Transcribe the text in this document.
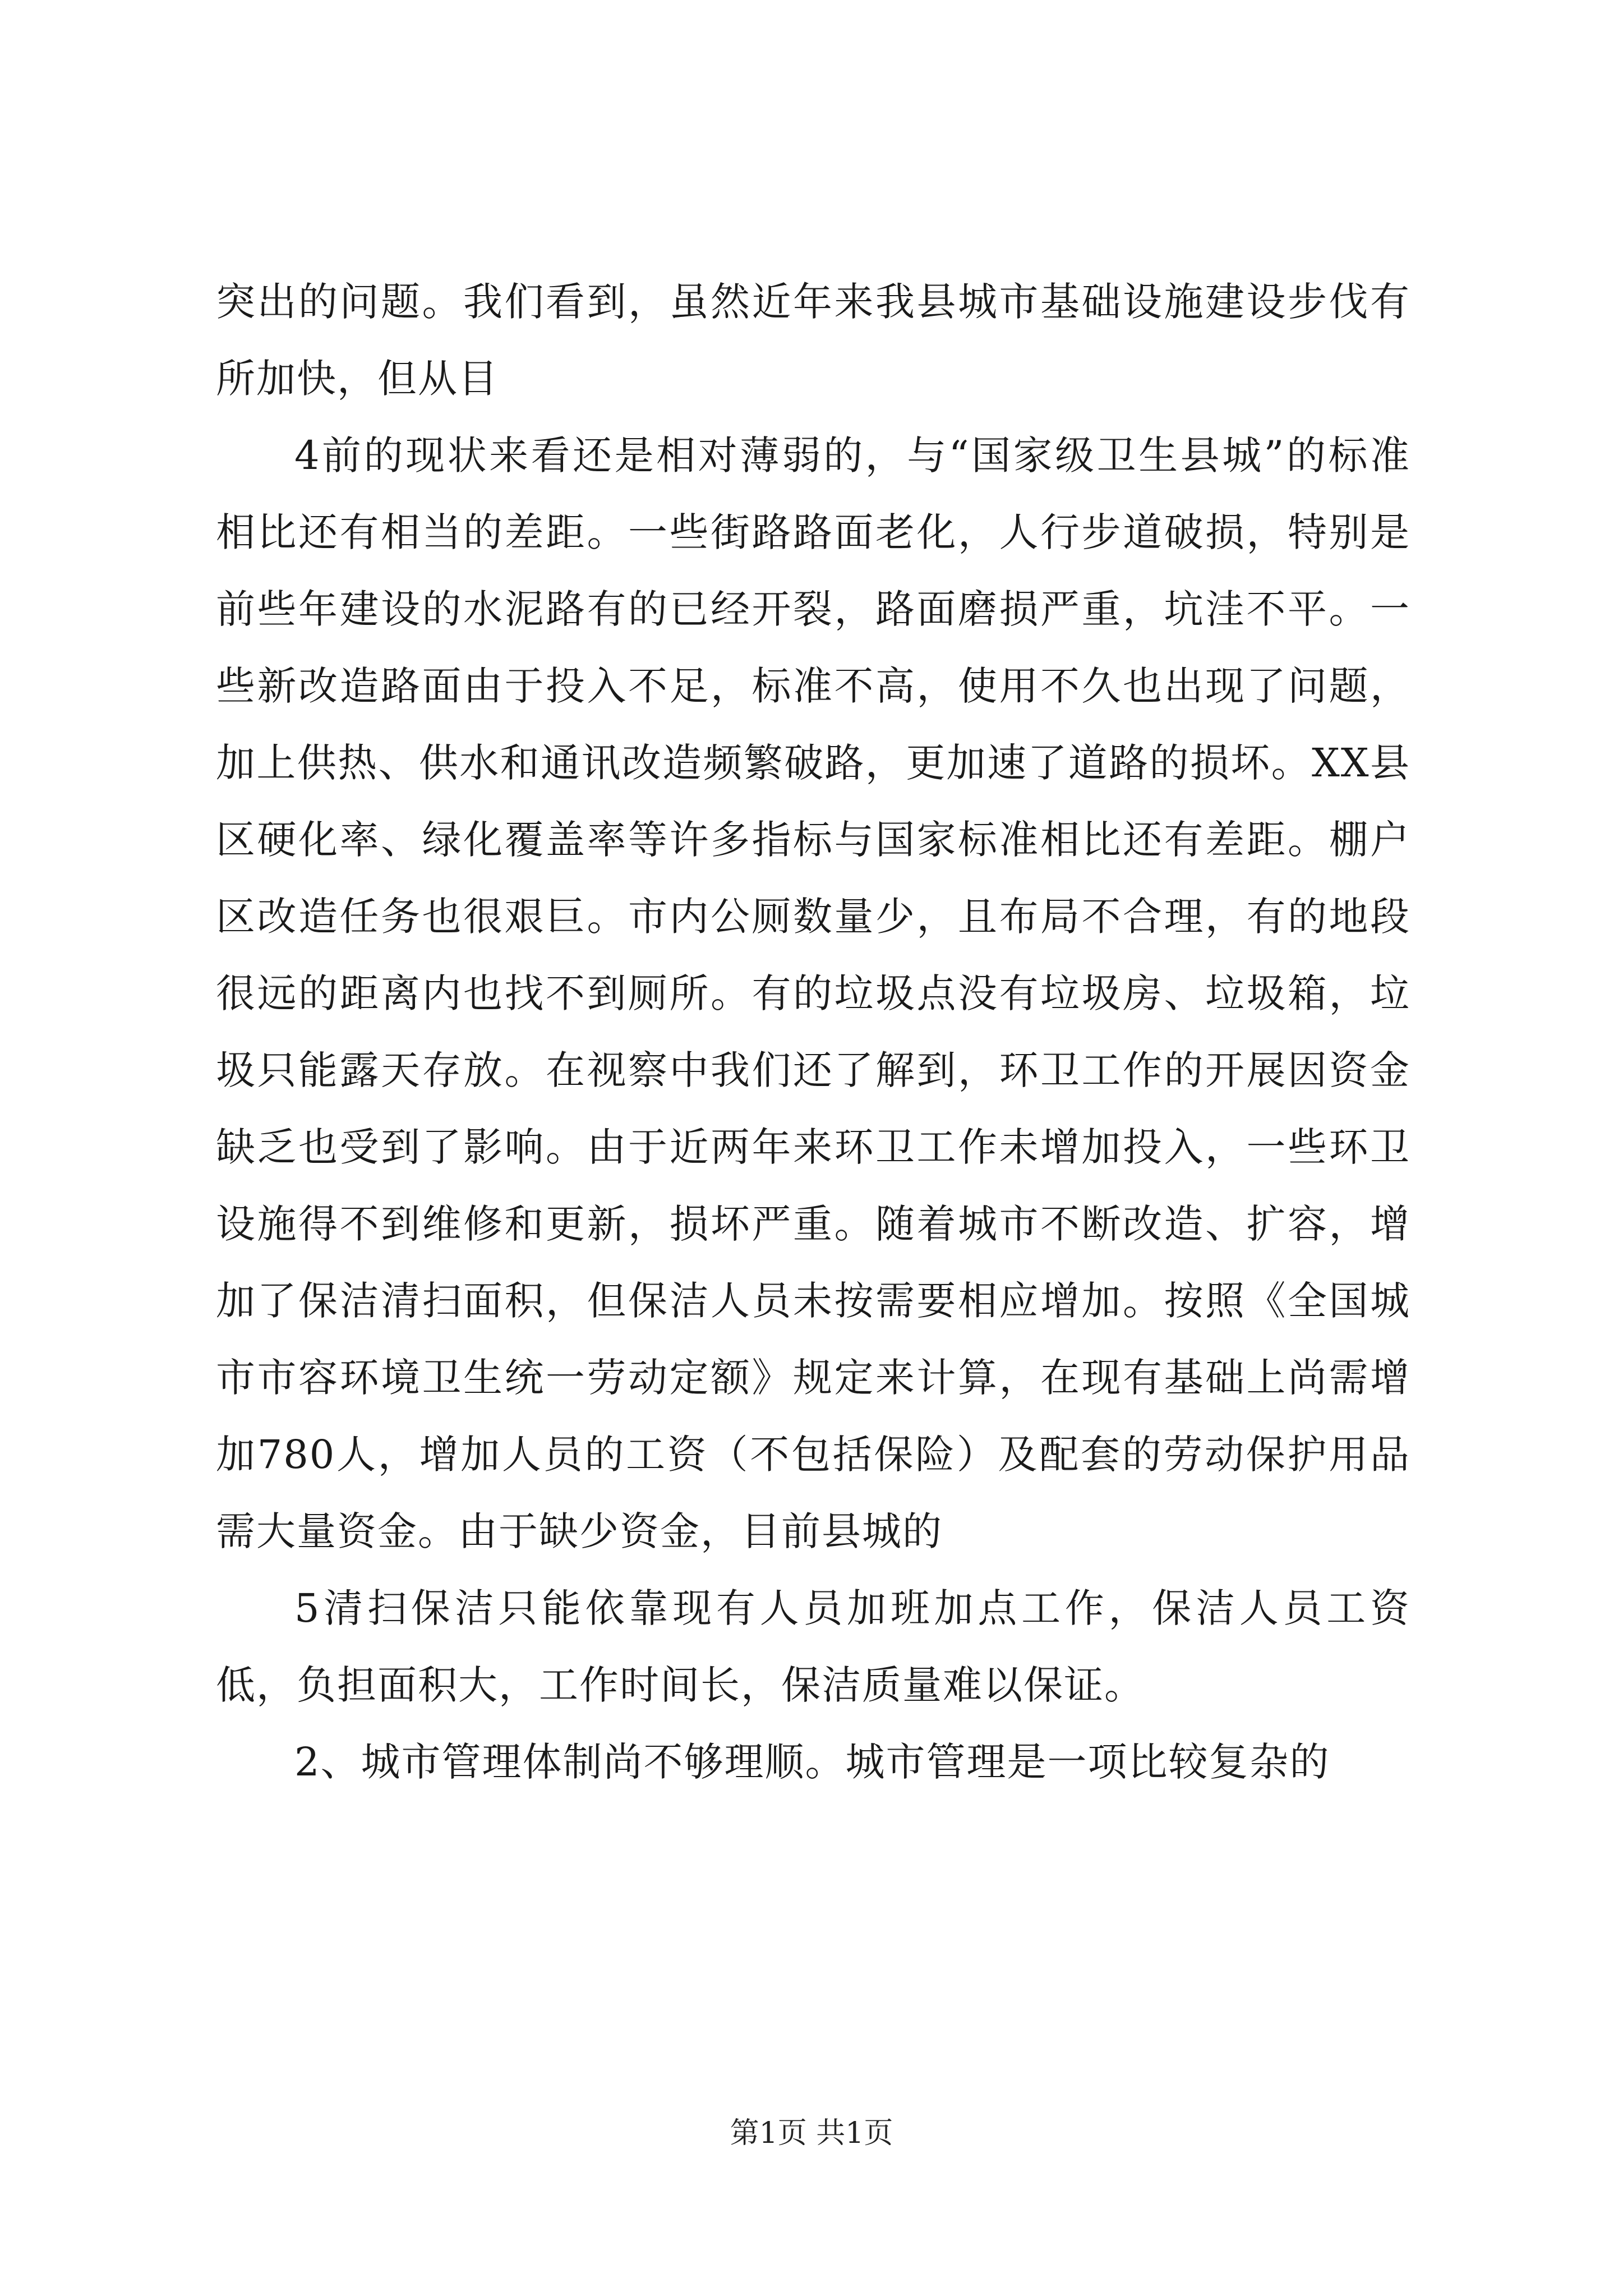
突出的问题。我们看到，虽然近年来我县城市基础设施建设步伐有所加快，但从目

4前的现状来看还是相对薄弱的，与“国家级卫生县城”的标准相比还有相当的差距。一些街路路面老化，人行步道破损，特别是前些年建设的水泥路有的已经开裂，路面磨损严重，坑洼不平。一些新改造路面由于投入不足，标准不高，使用不久也出现了问题，加上供热、供水和通讯改造频繁破路，更加速了道路的损坏。XX县区硬化率、绿化覆盖率等许多指标与国家标准相比还有差距。棚户区改造任务也很艰巨。市内公厕数量少，且布局不合理，有的地段很远的距离内也找不到厕所。有的垃圾点没有垃圾房、垃圾箱，垃圾只能露天存放。在视察中我们还了解到，环卫工作的开展因资金缺乏也受到了影响。由于近两年来环卫工作未增加投入，一些环卫设施得不到维修和更新，损坏严重。随着城市不断改造、扩容，增加了保洁清扫面积，但保洁人员未按需要相应增加。按照《全国城市市容环境卫生统一劳动定额》规定来计算，在现有基础上尚需增加780人，增加人员的工资（不包括保险）及配套的劳动保护用品需大量资金。由于缺少资金，目前县城的

5清扫保洁只能依靠现有人员加班加点工作，保洁人员工资低，负担面积大，工作时间长，保洁质量难以保证。

2、城市管理体制尚不够理顺。城市管理是一项比较复杂的

第1页 共1页
